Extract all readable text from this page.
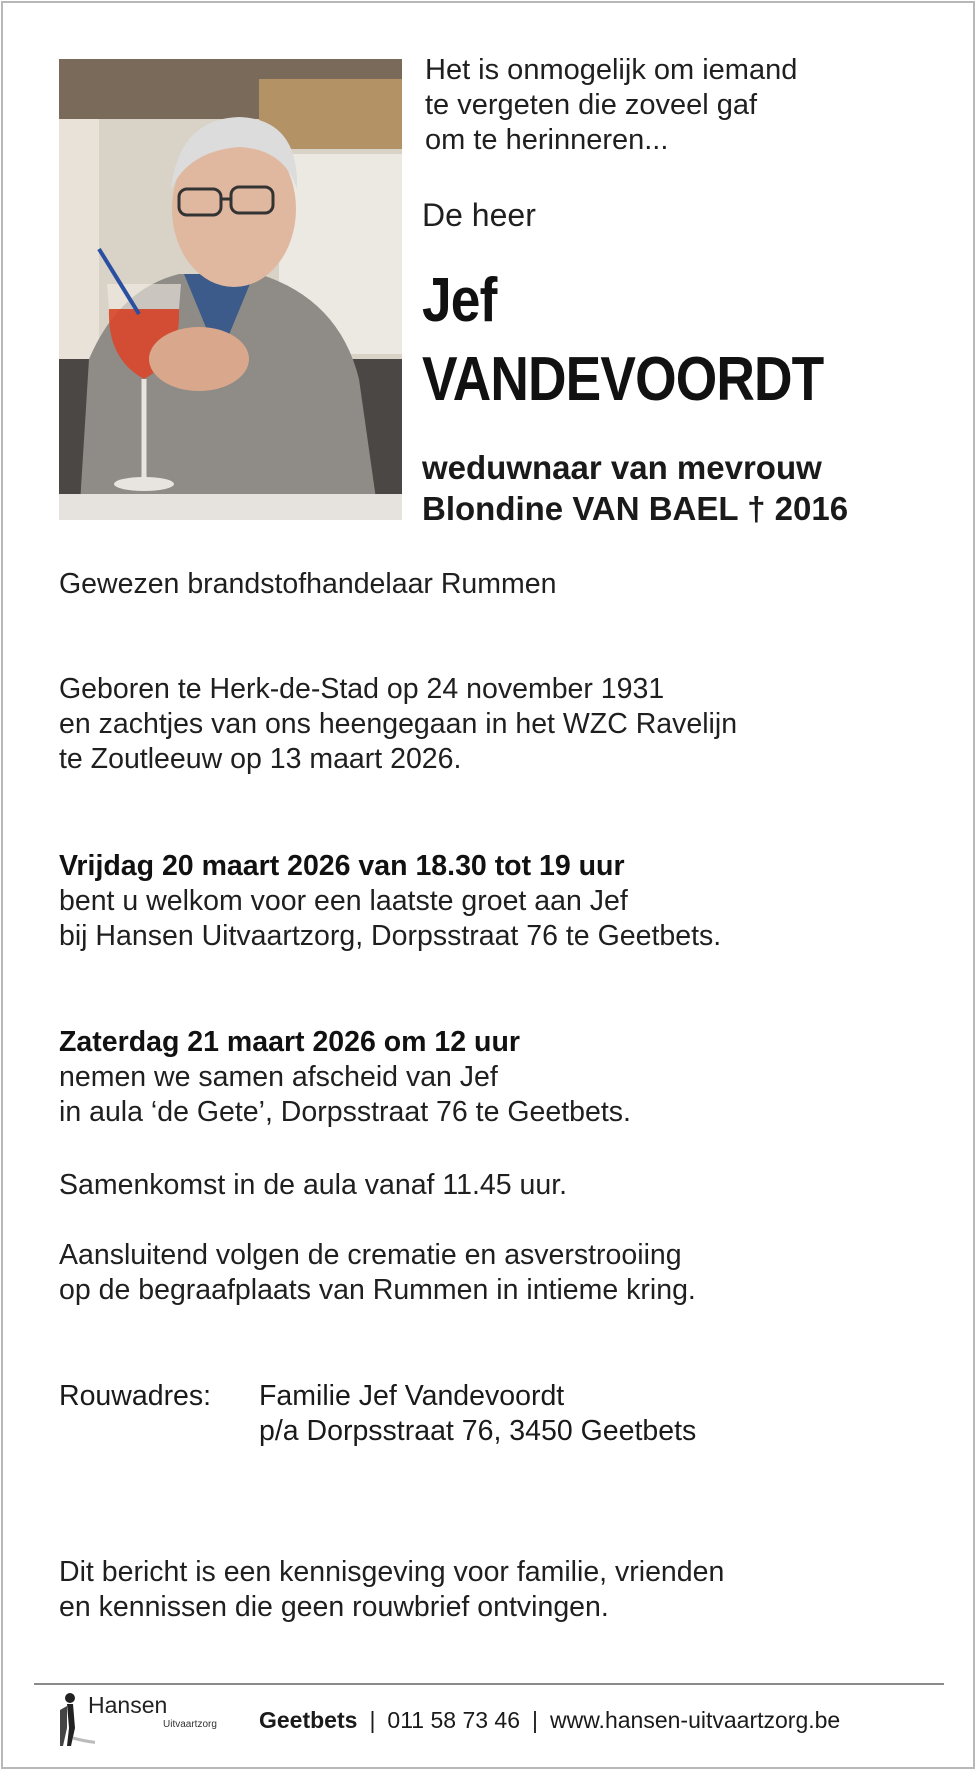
Het is onmogelijk om iemand
te vergeten die zoveel gaf
om te herinneren...
De heer
Jef
VANDEVOORDT
weduwnaar van mevrouw
Blondine VAN BAEL † 2016
Gewezen brandstofhandelaar Rummen
Geboren te Herk-de-Stad op 24 november 1931
en zachtjes van ons heengegaan in het WZC Ravelijn
te Zoutleeuw op 13 maart 2026.
Vrijdag 20 maart 2026 van 18.30 tot 19 uur
bent u welkom voor een laatste groet aan Jef
bij Hansen Uitvaartzorg, Dorpsstraat 76 te Geetbets.
Zaterdag 21 maart 2026 om 12 uur
nemen we samen afscheid van Jef
in aula ‘de Gete’, Dorpsstraat 76 te Geetbets.
Samenkomst in de aula vanaf 11.45 uur.
Aansluitend volgen de crematie en asverstrooiing
op de begraafplaats van Rummen in intieme kring.
Rouwadres: Familie Jef Vandevoordt
p/a Dorpsstraat 76, 3450 Geetbets
Dit bericht is een kennisgeving voor familie, vrienden
en kennissen die geen rouwbrief ontvingen.
Hansen
Uitvaartzorg Geetbets | 011 58 73 46 | www.hansen-uitvaartzorg.be
